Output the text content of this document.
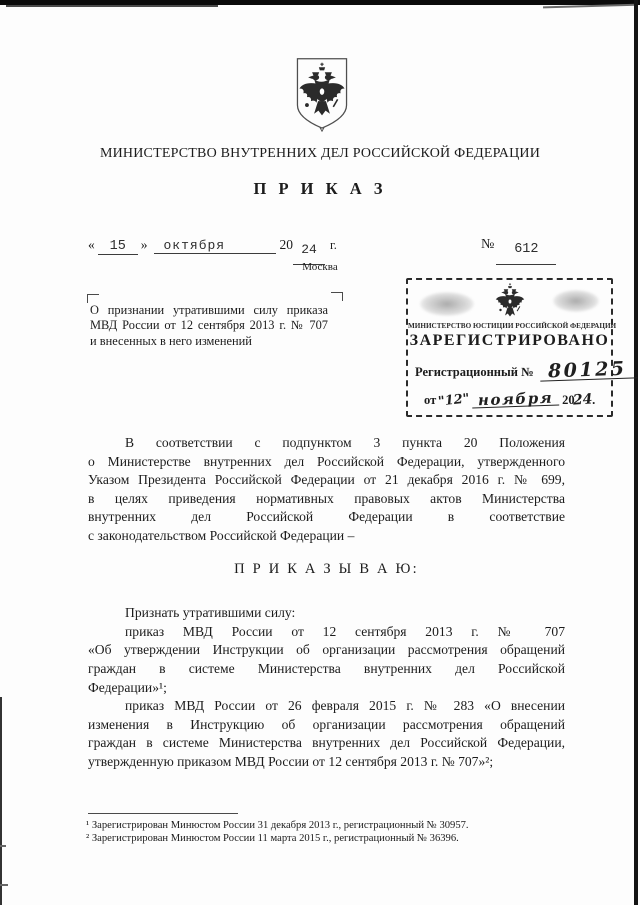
МИНИСТЕРСТВО ВНУТРЕННИХ ДЕЛ РОССИЙСКОЙ ФЕДЕРАЦИИ
П Р И К А З
« 15 » октября	20 24 г.	№ 612
Москва
О признании утратившими силу приказа
МВД России от 12 сентября 2013 г. № 707
и внесенных в него изменений
МИНИСТЕРСТВО ЮСТИЦИИ РОССИЙСКОЙ ФЕДЕРАЦИИ
ЗАРЕГИСТРИРОВАНО
Регистрационный № 80125
от"12" ноября 2024.
В соответствии с подпунктом 3 пункта 20 Положения
о Министерстве внутренних дел Российской Федерации, утвержденного
Указом Президента Российской Федерации от 21 декабря 2016 г. № 699,
в целях приведения нормативных правовых актов Министерства
внутренних дел Российской Федерации в соответствие
с законодательством Российской Федерации –
П Р И К А З Ы В А Ю:
Признать утратившими силу:
приказ МВД России от 12 сентября 2013 г. № 707
«Об утверждении Инструкции об организации рассмотрения обращений
граждан в системе Министерства внутренних дел Российской
Федерации»¹;
приказ МВД России от 26 февраля 2015 г. № 283 «О внесении
изменения в Инструкцию об организации рассмотрения обращений
граждан в системе Министерства внутренних дел Российской Федерации,
утвержденную приказом МВД России от 12 сентября 2013 г. № 707»²;
¹ Зарегистрирован Минюстом России 31 декабря 2013 г., регистрационный № 30957.
² Зарегистрирован Минюстом России 11 марта 2015 г., регистрационный № 36396.
